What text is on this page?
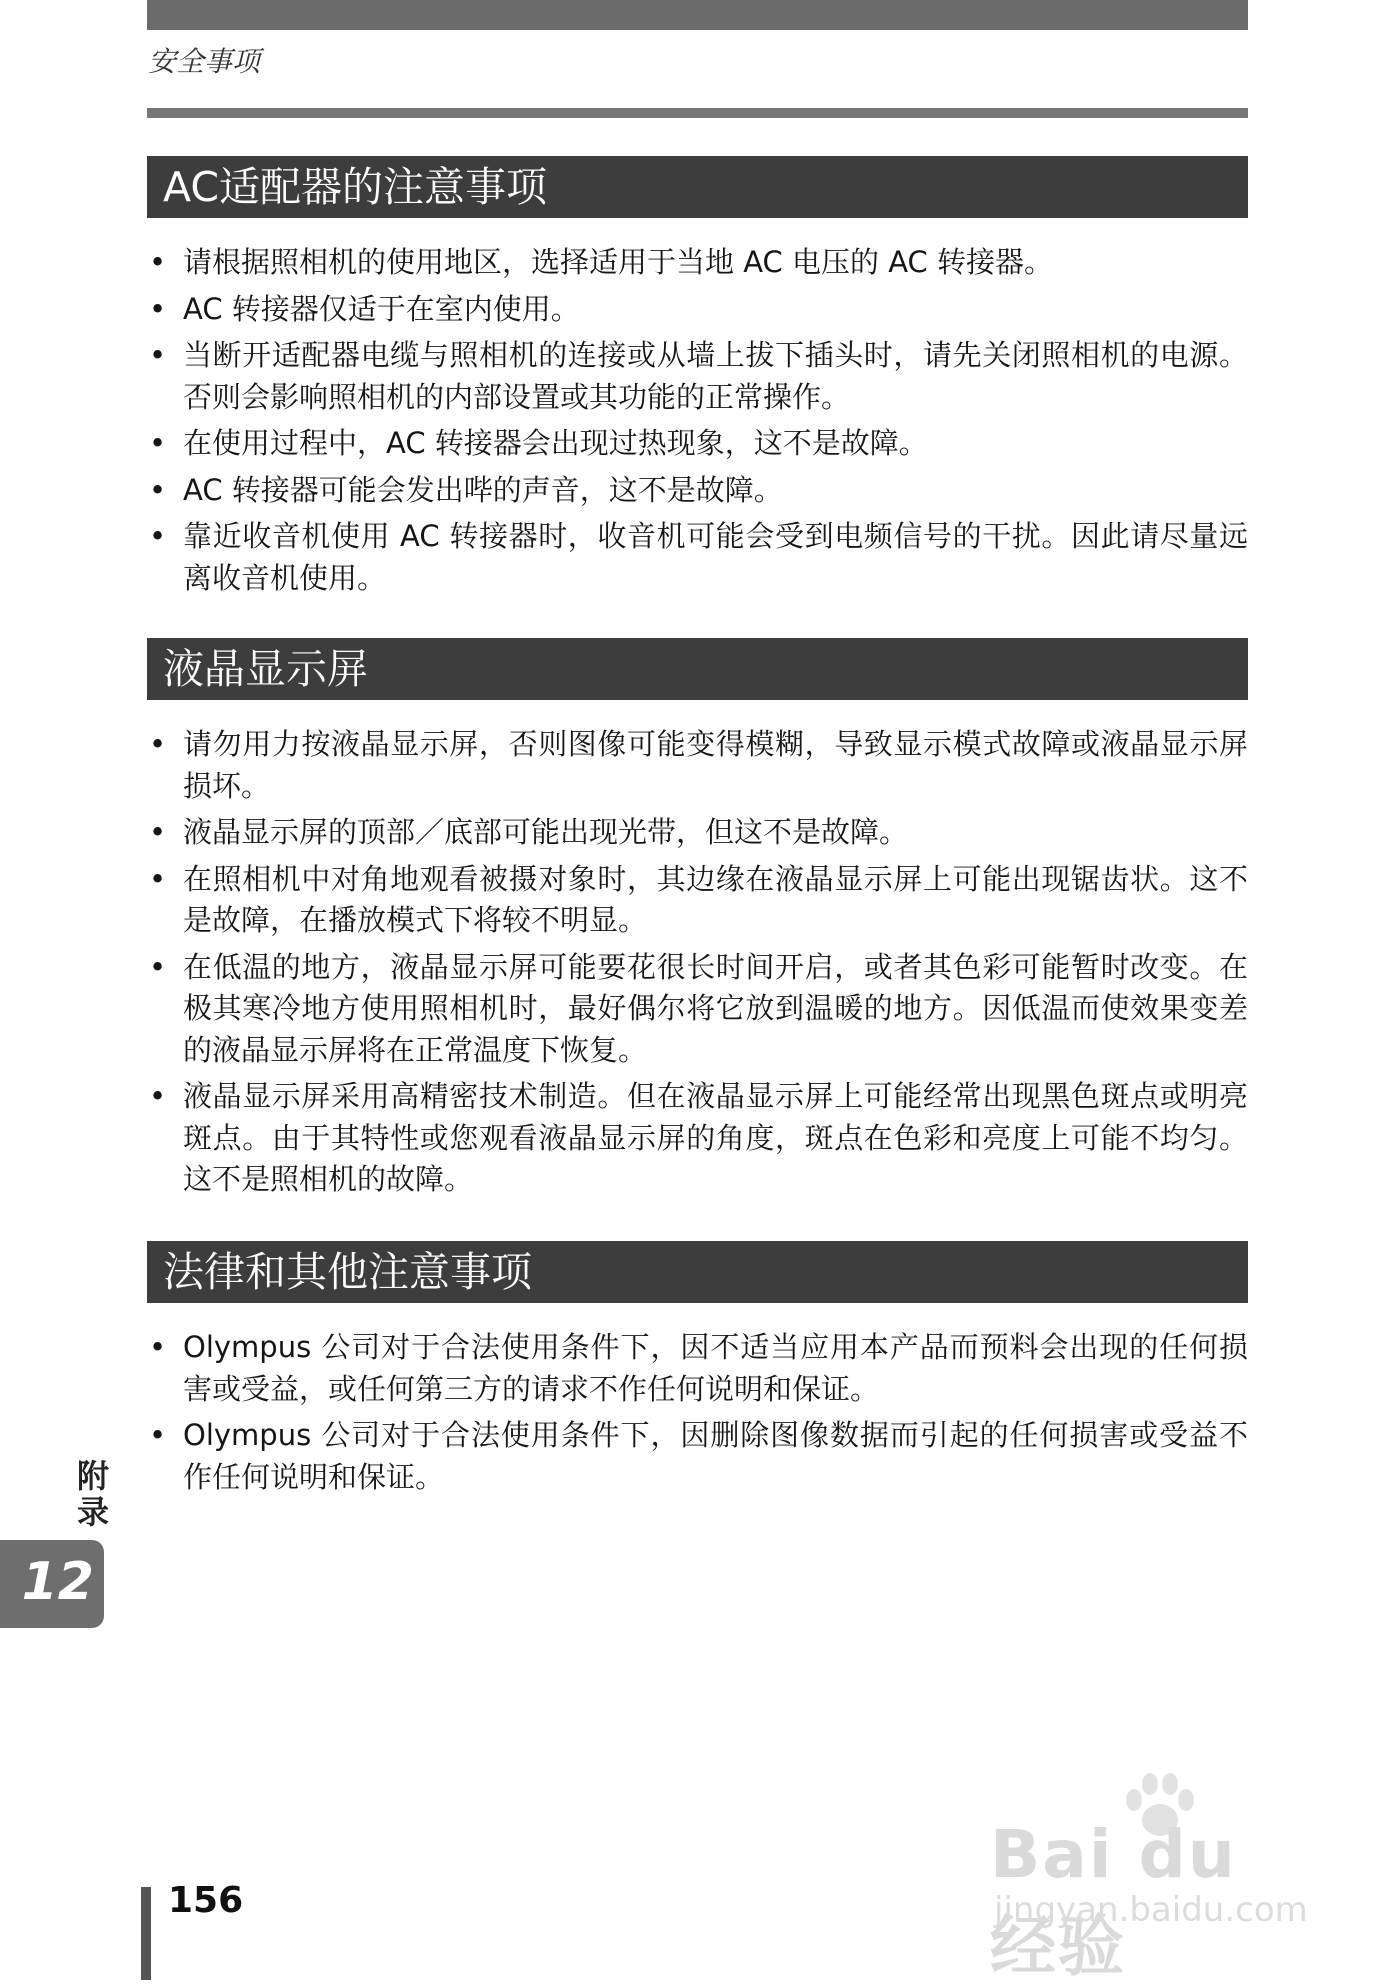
安全事项
AC适配器的注意事项
• 请根据照相机的使用地区，选择适用于当地 AC 电压的 AC 转接器。
• AC 转接器仅适于在室内使用。
• 当断开适配器电缆与照相机的连接或从墙上拔下插头时，请先关闭照相机的电源。否则会影响照相机的内部设置或其功能的正常操作。
• 在使用过程中，AC 转接器会出现过热现象，这不是故障。
• AC 转接器可能会发出哔的声音，这不是故障。
• 靠近收音机使用 AC 转接器时，收音机可能会受到电频信号的干扰。因此请尽量远离收音机使用。
液晶显示屏
• 请勿用力按液晶显示屏，否则图像可能变得模糊，导致显示模式故障或液晶显示屏损坏。
• 液晶显示屏的顶部／底部可能出现光带，但这不是故障。
• 在照相机中对角地观看被摄对象时，其边缘在液晶显示屏上可能出现锯齿状。这不是故障，在播放模式下将较不明显。
• 在低温的地方，液晶显示屏可能要花很长时间开启，或者其色彩可能暂时改变。在极其寒冷地方使用照相机时，最好偶尔将它放到温暖的地方。因低温而使效果变差的液晶显示屏将在正常温度下恢复。
• 液晶显示屏采用高精密技术制造。但在液晶显示屏上可能经常出现黑色斑点或明亮斑点。由于其特性或您观看液晶显示屏的角度，斑点在色彩和亮度上可能不均匀。这不是照相机的故障。
法律和其他注意事项
• Olympus 公司对于合法使用条件下，因不适当应用本产品而预料会出现的任何损害或受益，或任何第三方的请求不作任何说明和保证。
• Olympus 公司对于合法使用条件下，因删除图像数据而引起的任何损害或受益不作任何说明和保证。
附录
12
156
Bai du 经验
jingyan.baidu.com
